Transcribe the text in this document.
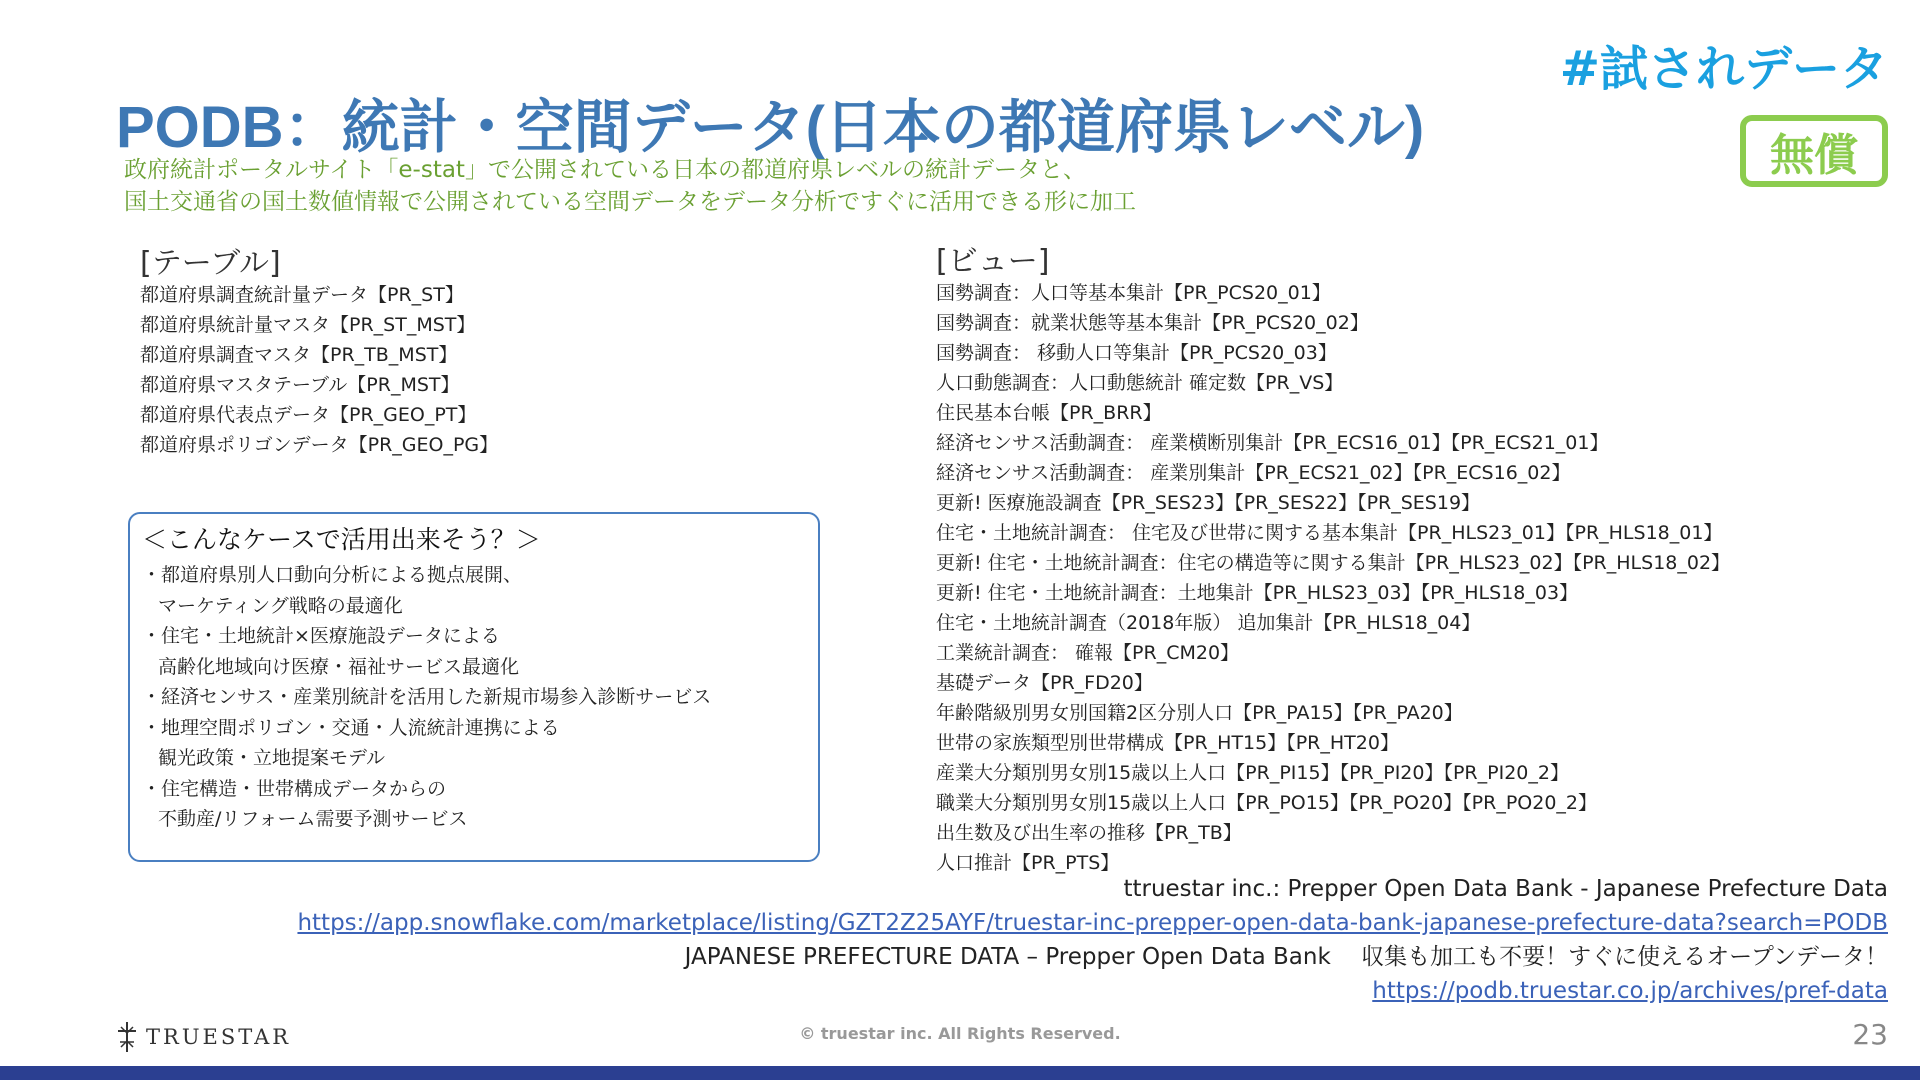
#試されデータ
無償
PODB：統計・空間データ(日本の都道府県レベル)
政府統計ポータルサイト「e-stat」で公開されている日本の都道府県レベルの統計データと、
国土交通省の国土数値情報で公開されている空間データをデータ分析ですぐに活用できる形に加工
[テーブル]
都道府県調査統計量データ【PR_ST】
都道府県統計量マスタ【PR_ST_MST】
都道府県調査マスタ【PR_TB_MST】
都道府県マスタテーブル【PR_MST】
都道府県代表点データ【PR_GEO_PT】
都道府県ポリゴンデータ【PR_GEO_PG】
＜こんなケースで活用出来そう？＞
・都道府県別人口動向分析による拠点展開、
マーケティング戦略の最適化
・住宅・土地統計×医療施設データによる
高齢化地域向け医療・福祉サービス最適化
・経済センサス・産業別統計を活用した新規市場参入診断サービス
・地理空間ポリゴン・交通・人流統計連携による
観光政策・立地提案モデル
・住宅構造・世帯構成データからの
不動産/リフォーム需要予測サービス
[ビュー]
国勢調査：人口等基本集計【PR_PCS20_01】
国勢調査：就業状態等基本集計【PR_PCS20_02】
国勢調査： 移動人口等集計【PR_PCS20_03】
人口動態調査：人口動態統計 確定数【PR_VS】
住民基本台帳【PR_BRR】
経済センサス活動調査： 産業横断別集計【PR_ECS16_01】【PR_ECS21_01】
経済センサス活動調査： 産業別集計【PR_ECS21_02】【PR_ECS16_02】
更新! 医療施設調査【PR_SES23】【PR_SES22】【PR_SES19】
住宅・土地統計調査： 住宅及び世帯に関する基本集計【PR_HLS23_01】【PR_HLS18_01】
更新! 住宅・土地統計調査：住宅の構造等に関する集計【PR_HLS23_02】【PR_HLS18_02】
更新! 住宅・土地統計調査：土地集計【PR_HLS23_03】【PR_HLS18_03】
住宅・土地統計調査（2018年版） 追加集計【PR_HLS18_04】
工業統計調査： 確報【PR_CM20】
基礎データ【PR_FD20】
年齢階級別男女別国籍2区分別人口【PR_PA15】【PR_PA20】
世帯の家族類型別世帯構成【PR_HT15】【PR_HT20】
産業大分類別男女別15歳以上人口【PR_PI15】【PR_PI20】【PR_PI20_2】
職業大分類別男女別15歳以上人口【PR_PO15】【PR_PO20】【PR_PO20_2】
出生数及び出生率の推移【PR_TB】
人口推計【PR_PTS】
ttruestar inc.: Prepper Open Data Bank - Japanese Prefecture Data
https://app.snowflake.com/marketplace/listing/GZT2Z25AYF/truestar-inc-prepper-open-data-bank-japanese-prefecture-data?search=PODB
JAPANESE PREFECTURE DATA – Prepper Open Data Bank　 収集も加工も不要！すぐに使えるオープンデータ！
https://podb.truestar.co.jp/archives/pref-data
TRUESTAR	© truestar inc. All Rights Reserved.	23
